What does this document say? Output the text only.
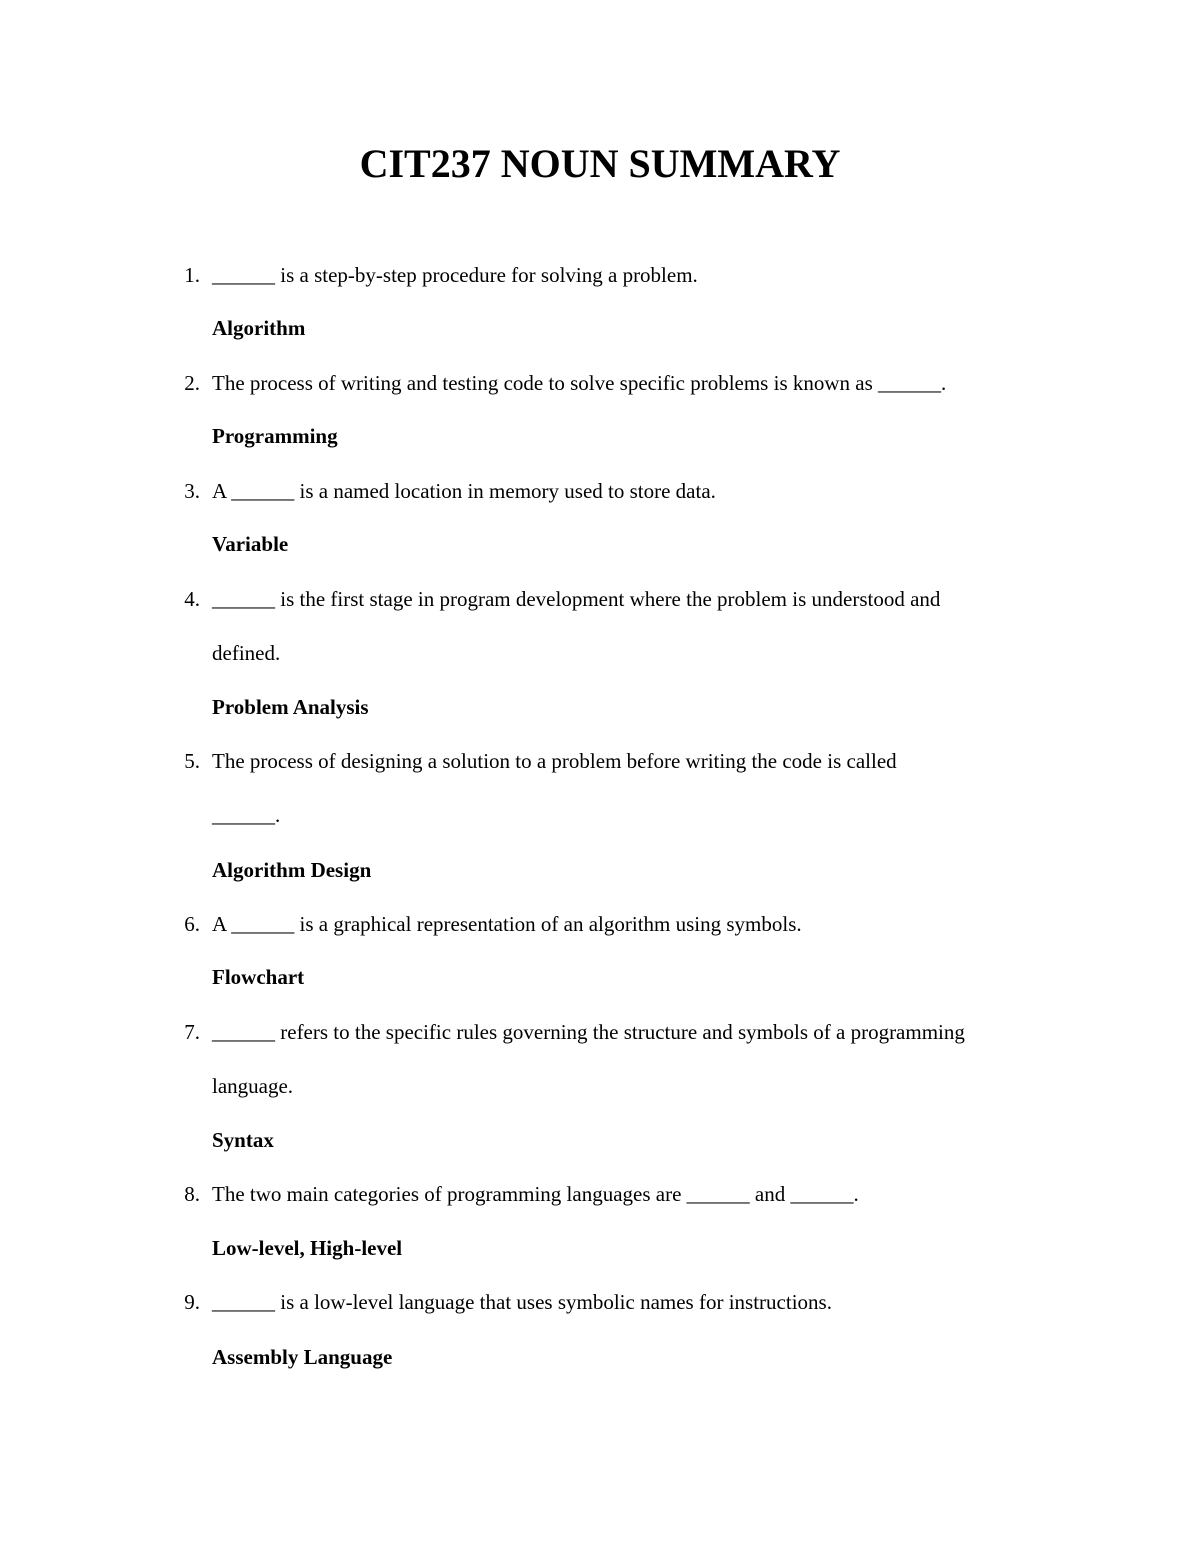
CIT237 NOUN SUMMARY
1. ______ is a step-by-step procedure for solving a problem.
Algorithm
2. The process of writing and testing code to solve specific problems is known as ______.
Programming
3. A ______ is a named location in memory used to store data.
Variable
4. ______ is the first stage in program development where the problem is understood and
defined.
Problem Analysis
5. The process of designing a solution to a problem before writing the code is called
______.
Algorithm Design
6. A ______ is a graphical representation of an algorithm using symbols.
Flowchart
7. ______ refers to the specific rules governing the structure and symbols of a programming
language.
Syntax
8. The two main categories of programming languages are ______ and ______.
Low-level, High-level
9. ______ is a low-level language that uses symbolic names for instructions.
Assembly Language
